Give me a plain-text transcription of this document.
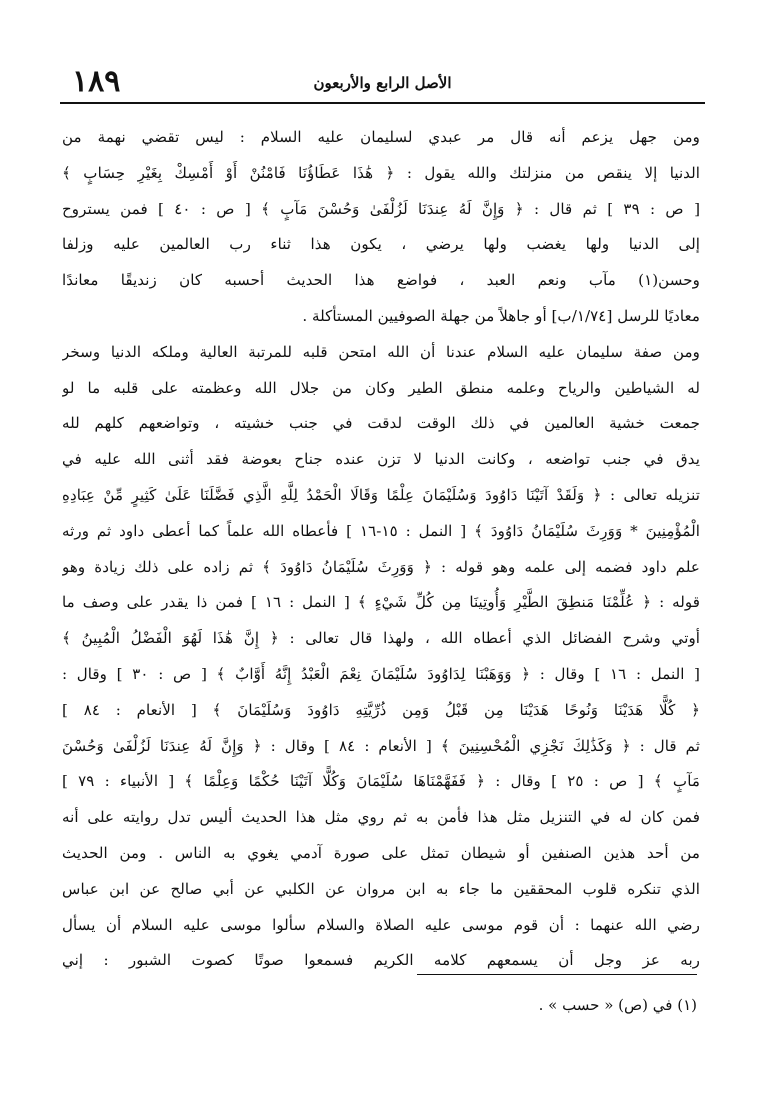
١٨٩	الأصل الرابع والأربعون
ومن جهل يزعم أنه قال مر عبدي لسليمان عليه السلام : ليس تقضي نهمة من
الدنيا إلا ينقص من منزلتك والله يقول : ﴿ هَٰذَا عَطَاؤُنَا فَامْنُنْ أَوْ أَمْسِكْ بِغَيْرِ حِسَابٍ ﴾
[ ص : ٣٩ ] ثم قال : ﴿ وَإِنَّ لَهُ عِندَنَا لَزُلْفَىٰ وَحُسْنَ مَآبٍ ﴾ [ ص : ٤٠ ] فمن يستروح
إلى الدنيا ولها يغضب ولها يرضي ، يكون هذا ثناء رب العالمين عليه وزلفا
وحسن(١) مآب ونعم العبد ، فواضع هذا الحديث أحسبه كان زنديقًا معاندًا
معاديًا للرسل [١/٧٤/ب] أو جاهلاً من جهلة الصوفيين المستأكلة .
ومن صفة سليمان عليه السلام عندنا أن الله امتحن قلبه للمرتبة العالية وملكه الدنيا وسخر
له الشياطين والرياح وعلمه منطق الطير وكان من جلال الله وعظمته على قلبه ما لو
جمعت خشية العالمين في ذلك الوقت لدقت في جنب خشيته ، وتواضعهم كلهم لله
يدق في جنب تواضعه ، وكانت الدنيا لا تزن عنده جناح بعوضة فقد أثنى الله عليه في
تنزيله تعالى : ﴿ وَلَقَدْ آتَيْنَا دَاوُودَ وَسُلَيْمَانَ عِلْمًا وَقَالَا الْحَمْدُ لِلَّهِ الَّذِي فَضَّلَنَا عَلَىٰ كَثِيرٍ مِّنْ عِبَادِهِ
الْمُؤْمِنِينَ * وَوَرِثَ سُلَيْمَانُ دَاوُودَ ﴾ [ النمل : ١٥-١٦ ] فأعطاه الله علماً كما أعطى داود ثم ورثه
علم داود فضمه إلى علمه وهو قوله : ﴿ وَوَرِثَ سُلَيْمَانُ دَاوُودَ ﴾ ثم زاده على ذلك زيادة وهو
قوله : ﴿ عُلِّمْنَا مَنطِقَ الطَّيْرِ وَأُوتِينَا مِن كُلِّ شَيْءٍ ﴾ [ النمل : ١٦ ] فمن ذا يقدر على وصف ما
أوتي وشرح الفضائل الذي أعطاه الله ، ولهذا قال تعالى : ﴿ إِنَّ هَٰذَا لَهُوَ الْفَضْلُ الْمُبِينُ ﴾
[ النمل : ١٦ ] وقال : ﴿ وَوَهَبْنَا لِدَاوُودَ سُلَيْمَانَ نِعْمَ الْعَبْدُ إِنَّهُ أَوَّابٌ ﴾ [ ص : ٣٠ ] وقال :
﴿ كُلًّا هَدَيْنَا وَنُوحًا هَدَيْنَا مِن قَبْلُ وَمِن ذُرِّيَّتِهِ دَاوُودَ وَسُلَيْمَانَ ﴾ [ الأنعام : ٨٤ ]
ثم قال : ﴿ وَكَذَٰلِكَ نَجْزِي الْمُحْسِنِينَ ﴾ [ الأنعام : ٨٤ ] وقال : ﴿ وَإِنَّ لَهُ عِندَنَا لَزُلْفَىٰ وَحُسْنَ
مَآبٍ ﴾ [ ص : ٢٥ ] وقال : ﴿ فَفَهَّمْنَاهَا سُلَيْمَانَ وَكُلًّا آتَيْنَا حُكْمًا وَعِلْمًا ﴾ [ الأنبياء : ٧٩ ]
فمن كان له في التنزيل مثل هذا فأمن به ثم روي مثل هذا الحديث أليس تدل روايته على أنه
من أحد هذين الصنفين أو شيطان تمثل على صورة آدمي يغوي به الناس . ومن الحديث
الذي تنكره قلوب المحققين ما جاء به ابن مروان عن الكلبي عن أبي صالح عن ابن عباس
رضي الله عنهما : أن قوم موسى عليه الصلاة والسلام سألوا موسى عليه السلام أن يسأل
ربه عز وجل أن يسمعهم كلامه الكريم فسمعوا صوتًا كصوت الشبور : إني
(١) في (ص) « حسب » .
